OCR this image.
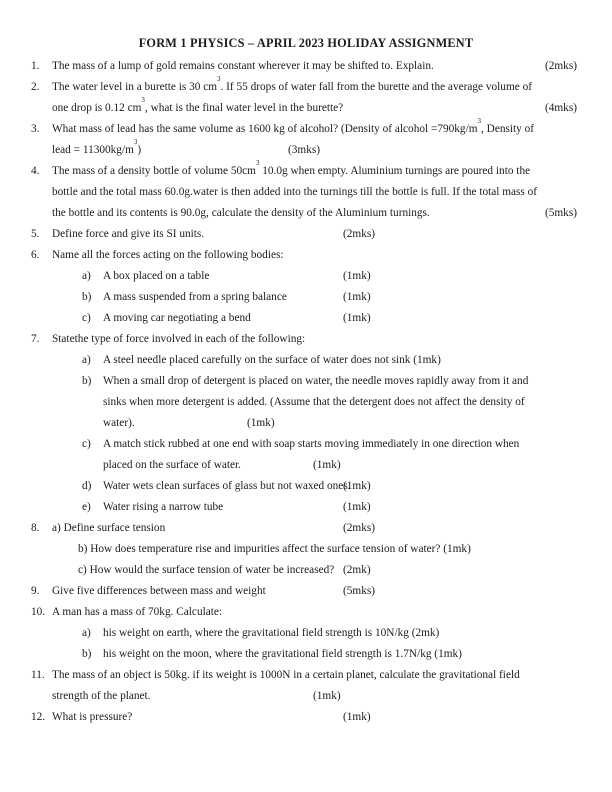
FORM 1 PHYSICS – APRIL 2023 HOLIDAY ASSIGNMENT
1. The mass of a lump of gold remains constant wherever it may be shifted to. Explain.	(2mks)
2. The water level in a burette is 30 $cm^3$. If 55 drops of water fall from the burette and the average volume of
one drop is 0.12 $cm^3$, what is the final water level in the burette?	(4mks)
3. What mass of lead has the same volume as 1600 kg of alcohol? (Density of alcohol $=790kg/m^3$, Density of
lead = $11300kg/m^3$)	(3mks)
4. The mass of a density bottle of volume $50cm^3$ 10.0g when empty. Aluminium turnings are poured into the
bottle and the total mass 60.0g.water is then added into the turnings till the bottle is full. If the total mass of
the bottle and its contents is 90.0g, calculate the density of the Aluminium turnings.	(5mks)
5. Define force and give its SI units.	(2mks)
6. Name all the forces acting on the following bodies:
a) A box placed on a table	(1mk)
b) A mass suspended from a spring balance	(1mk)
c) A moving car negotiating a bend	(1mk)
7. Statethe type of force involved in each of the following:
a) A steel needle placed carefully on the surface of water does not sink (1mk)
b) When a small drop of detergent is placed on water, the needle moves rapidly away from it and
sinks when more detergent is added. (Assume that the detergent does not affect the density of
water).	(1mk)
c) A match stick rubbed at one end with soap starts moving immediately in one direction when
placed on the surface of water.	(1mk)
d) Water wets clean surfaces of glass but not waxed ones.
(1mk)
e) Water rising a narrow tube	(1mk)
8. a) Define surface tension	(2mks)
b) How does temperature rise and impurities affect the surface tension of water? (1mk)
c) How would the surface tension of water be increased? (2mk)
9. Give five differences between mass and weight	(5mks)
10. A man has a mass of 70kg. Calculate:
a) his weight on earth, where the gravitational field strength is 10N/kg (2mk)
b) his weight on the moon, where the gravitational field strength is 1.7N/kg (1mk)
11. The mass of an object is 50kg. if its weight is 1000N in a certain planet, calculate the gravitational field
strength of the planet.	(1mk)
12. What is pressure?	(1mk)
